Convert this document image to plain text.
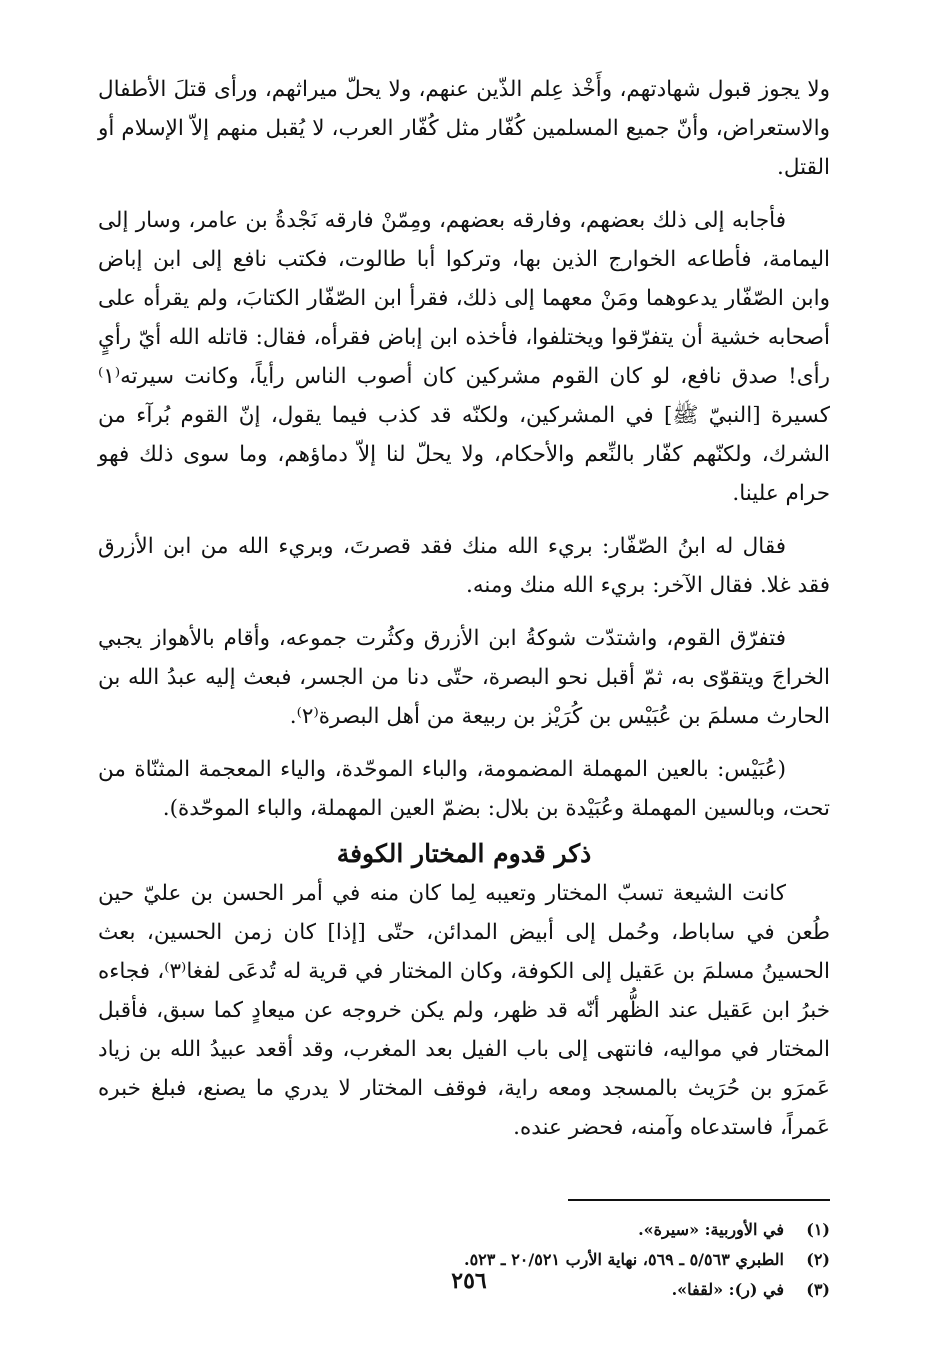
ولا يجوز قبول شهادتهم، وأَخْذ عِلم الذّين عنهم، ولا يحلّ ميراثهم، ورأى قتلَ الأطفال والاستعراض، وأنّ جميع المسلمين كُفّار مثل كُفّار العرب، لا يُقبل منهم إلاّ الإسلام أو القتل.

فأجابه إلى ذلك بعضهم، وفارقه بعضهم، ومِمّنْ فارقه نَجْدةُ بن عامر، وسار إلى اليمامة، فأطاعه الخوارج الذين بها، وتركوا أبا طالوت، فكتب نافع إلى ابن إباض وابن الصّفّار يدعوهما ومَنْ معهما إلى ذلك، فقرأ ابن الصّفّار الكتابَ، ولم يقرأه على أصحابه خشية أن يتفرّقوا ويختلفوا، فأخذه ابن إباض فقرأه، فقال: قاتله الله أيّ رأيٍ رأى! صدق نافع، لو كان القوم مشركين كان أصوب الناس رأياً، وكانت سيرته⁽١⁾ كسيرة [النبيّ ﷺ] في المشركين، ولكنّه قد كذب فيما يقول، إنّ القوم بُرآء من الشرك، ولكنّهم كفّار بالنِّعم والأحكام، ولا يحلّ لنا إلاّ دماؤهم، وما سوى ذلك فهو حرام علينا.

فقال له ابنُ الصّفّار: بريء الله منك فقد قصرتَ، وبريء الله من ابن الأزرق فقد غلا. فقال الآخر: بريء الله منك ومنه.

فتفرّق القوم، واشتدّت شوكةُ ابن الأزرق وكثُرت جموعه، وأقام بالأهواز يجبي الخراجَ ويتقوّى به، ثمّ أقبل نحو البصرة، حتّى دنا من الجسر، فبعث إليه عبدُ الله بن الحارث مسلمَ بن عُبَيْس بن كُرَيْز بن ربيعة من أهل البصرة⁽٢⁾.

(عُبَيْس: بالعين المهملة المضمومة، والباء الموحّدة، والياء المعجمة المثنّاة من تحت، وبالسين المهملة وعُبَيْدة بن بلال: بضمّ العين المهملة، والباء الموحّدة).

ذكر قدوم المختار الكوفة

كانت الشيعة تسبّ المختار وتعيبه لِما كان منه في أمر الحسن بن عليّ حين طُعن في ساباط، وحُمل إلى أبيض المدائن، حتّى [إذا] كان زمن الحسين، بعث الحسينُ مسلمَ بن عَقيل إلى الكوفة، وكان المختار في قرية له تُدعَى لفغا⁽٣⁾، فجاءه خبرُ ابن عَقيل عند الظُّهر أنّه قد ظهر، ولم يكن خروجه عن ميعادٍ كما سبق، فأقبل المختار في مواليه، فانتهى إلى باب الفيل بعد المغرب، وقد أقعد عبيدُ الله بن زياد عَمرَو بن حُرَيث بالمسجد ومعه راية، فوقف المختار لا يدري ما يصنع، فبلغ خبره عَمراً، فاستدعاه وآمنه، فحضر عنده.

(١)
في الأوربية: «سيرة».
(٢)
الطبري ٥/٥٦٣ ـ ٥٦٩، نهاية الأرب ٢٠/٥٢١ ـ ٥٢٣.
(٣)
في (ر): «لقفا».
٢٥٦
